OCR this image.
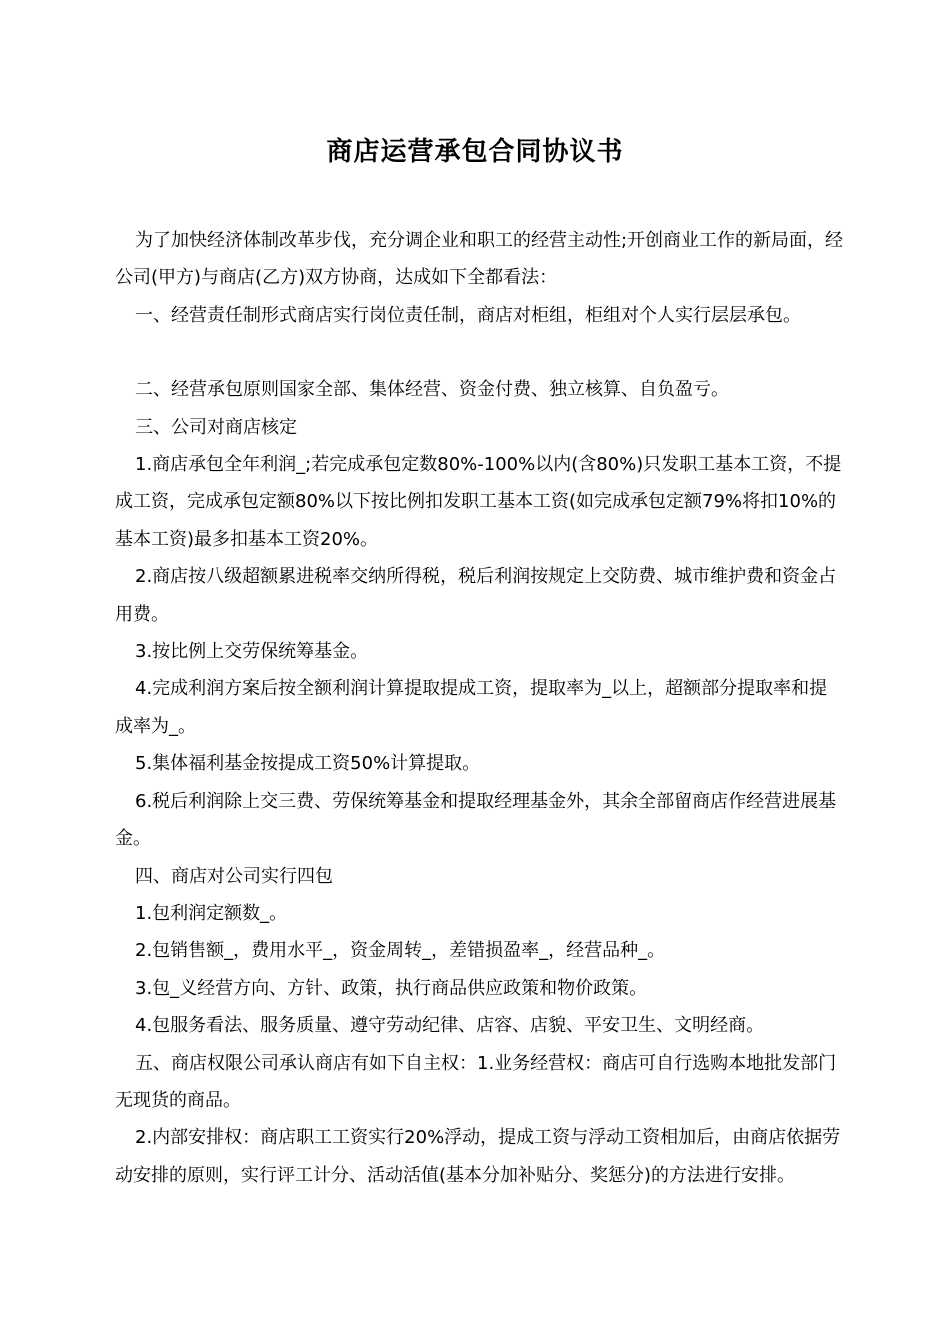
商店运营承包合同协议书

为了加快经济体制改革步伐，充分调企业和职工的经营主动性;开创商业工作的新局面，经公司(甲方)与商店(乙方)双方协商，达成如下全都看法：

一、经营责任制形式商店实行岗位责任制，商店对柜组，柜组对个人实行层层承包。

二、经营承包原则国家全部、集体经营、资金付费、独立核算、自负盈亏。

三、公司对商店核定

1.商店承包全年利润_;若完成承包定数80%-100%以内(含80%)只发职工基本工资，不提成工资，完成承包定额80%以下按比例扣发职工基本工资(如完成承包定额79%将扣10%的基本工资)最多扣基本工资20%。

2.商店按八级超额累进税率交纳所得税，税后利润按规定上交防费、城市维护费和资金占用费。

3.按比例上交劳保统筹基金。

4.完成利润方案后按全额利润计算提取提成工资，提取率为_以上，超额部分提取率和提成率为_。

5.集体福利基金按提成工资50%计算提取。

6.税后利润除上交三费、劳保统筹基金和提取经理基金外，其余全部留商店作经营进展基金。

四、商店对公司实行四包

1.包利润定额数_。

2.包销售额_，费用水平_，资金周转_，差错损盈率_，经营品种_。

3.包_义经营方向、方针、政策，执行商品供应政策和物价政策。

4.包服务看法、服务质量、遵守劳动纪律、店容、店貌、平安卫生、文明经商。

五、商店权限公司承认商店有如下自主权：1.业务经营权：商店可自行选购本地批发部门无现货的商品。

2.内部安排权：商店职工工资实行20%浮动，提成工资与浮动工资相加后，由商店依据劳动安排的原则，实行评工计分、活动活值(基本分加补贴分、奖惩分)的方法进行安排。
